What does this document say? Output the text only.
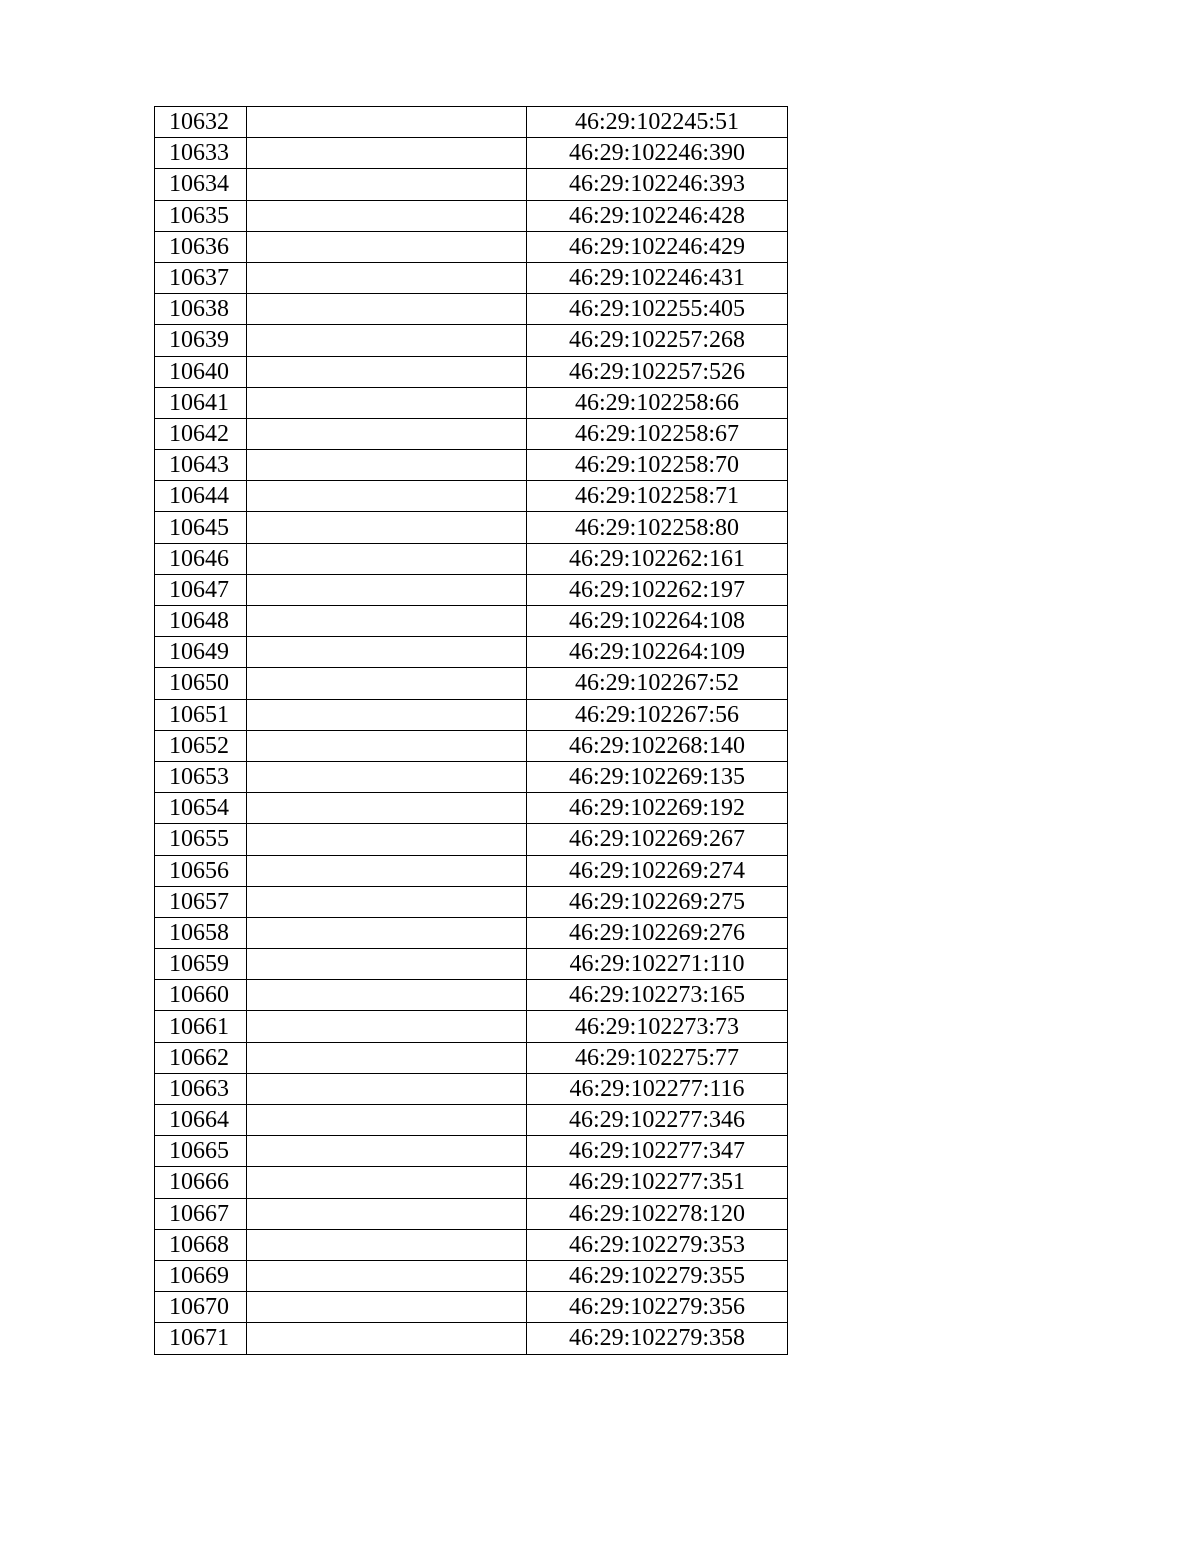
10632		46:29:102245:51
10633		46:29:102246:390
10634		46:29:102246:393
10635		46:29:102246:428
10636		46:29:102246:429
10637		46:29:102246:431
10638		46:29:102255:405
10639		46:29:102257:268
10640		46:29:102257:526
10641		46:29:102258:66
10642		46:29:102258:67
10643		46:29:102258:70
10644		46:29:102258:71
10645		46:29:102258:80
10646		46:29:102262:161
10647		46:29:102262:197
10648		46:29:102264:108
10649		46:29:102264:109
10650		46:29:102267:52
10651		46:29:102267:56
10652		46:29:102268:140
10653		46:29:102269:135
10654		46:29:102269:192
10655		46:29:102269:267
10656		46:29:102269:274
10657		46:29:102269:275
10658		46:29:102269:276
10659		46:29:102271:110
10660		46:29:102273:165
10661		46:29:102273:73
10662		46:29:102275:77
10663		46:29:102277:116
10664		46:29:102277:346
10665		46:29:102277:347
10666		46:29:102277:351
10667		46:29:102278:120
10668		46:29:102279:353
10669		46:29:102279:355
10670		46:29:102279:356
10671		46:29:102279:358
